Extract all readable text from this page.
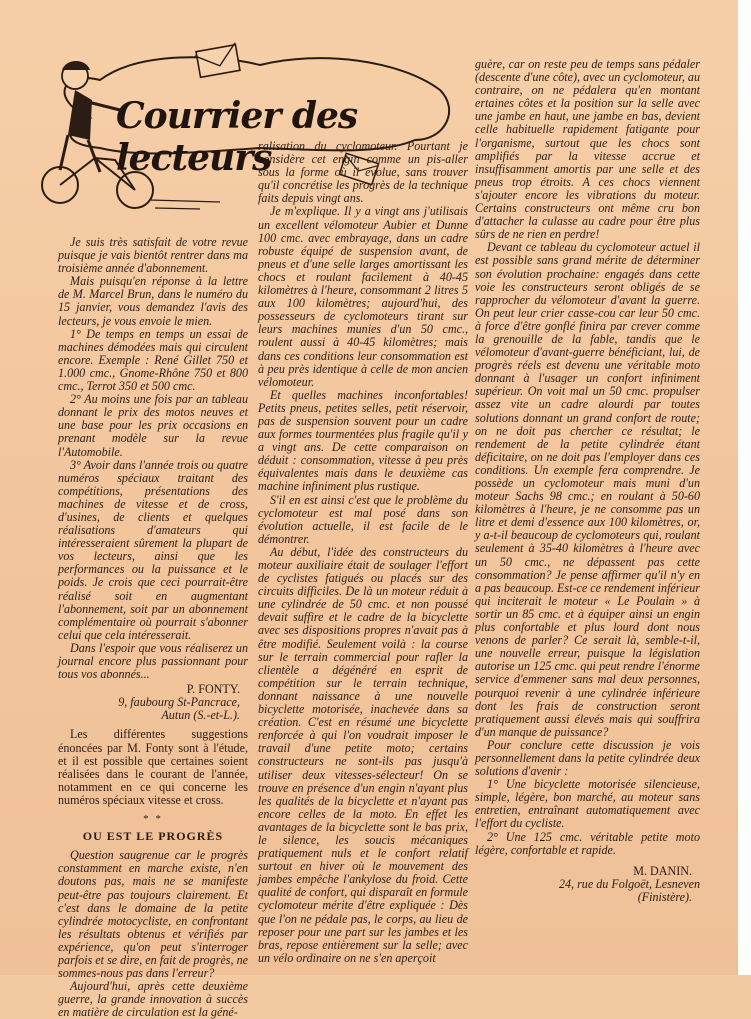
Courrier des lecteurs

Je suis très satisfait de votre revue puisque je vais bientôt rentrer dans ma troisième année d'abonnement.

Mais puisqu'en réponse à la lettre de M. Marcel Brun, dans le numéro du 15 janvier, vous demandez l'avis des lecteurs, je vous envoie le mien.

1° De temps en temps un essai de machines démodées mais qui circulent encore. Exemple : René Gillet 750 et 1.000 cmc., Gnome-Rhône 750 et 800 cmc., Terrot 350 et 500 cmc.

2° Au moins une fois par an tableau donnant le prix des motos neuves et une base pour les prix occasions en prenant modèle sur la revue l'Automobile.

3° Avoir dans l'année trois ou quatre numéros spéciaux traitant des compétitions, présentations des machines de vitesse et de cross, d'usines, de clients et quelques réalisations d'amateurs qui intéresseraient sûrement la plupart de vos lecteurs, ainsi que les performances ou la puissance et le poids. Je crois que ceci pourrait-être réalisé soit en augmentant l'abonnement, soit par un abonnement complémentaire où pourrait s'abonner celui que cela intéresserait.

Dans l'espoir que vous réaliserez un journal encore plus passionnant pour tous vos abonnés...

P. FONTY.
9, faubourg St-Pancrace,
Autun (S.-et-L.).

Les différentes suggestions énoncées par M. Fonty sont à l'étude, et il est possible que certaines soient réalisées dans le courant de l'année, notamment en ce qui concerne les numéros spéciaux vitesse et cross.

* *
OU EST LE PROGRÈS

Question saugrenue car le progrès constamment en marche existe, n'en doutons pas, mais ne se manifeste peut-être pas toujours clairement. Et c'est dans le domaine de la petite cylindrée motocycliste, en confrontant les résultats obtenus et vérifiés par expérience, qu'on peut s'interroger parfois et se dire, en fait de progrès, ne sommes-nous pas dans l'erreur?

Aujourd'hui, après cette deuxième guerre, la grande innovation à succès en matière de circulation est la géné-

ralisation du cyclomoteur. Pourtant je considère cet engin comme un pis-aller sous la forme où il évolue, sans trouver qu'il concrétise les progrès de la technique faits depuis vingt ans.

Je m'explique. Il y a vingt ans j'utilisais un excellent vélomoteur Aubier et Dunne 100 cmc. avec embrayage, dans un cadre robuste équipé de suspension avant, de pneus et d'une selle larges amortissant les chocs et roulant facilement à 40-45 kilomètres à l'heure, consommant 2 litres 5 aux 100 kilomètres; aujourd'hui, des possesseurs de cyclomoteurs tirant sur leurs machines munies d'un 50 cmc., roulent aussi à 40-45 kilomètres; mais dans ces conditions leur consommation est à peu près identique à celle de mon ancien vélomoteur.

Et quelles machines inconfortables! Petits pneus, petites selles, petit réservoir, pas de suspension souvent pour un cadre aux formes tourmentées plus fragile qu'il y a vingt ans. De cette comparaison on déduit : consommation, vitesse à peu près équivalentes mais dans le deuxième cas machine infiniment plus rustique.

S'il en est ainsi c'est que le problème du cyclomoteur est mal posé dans son évolution actuelle, il est facile de le démontrer.

Au début, l'idée des constructeurs du moteur auxiliaire était de soulager l'effort de cyclistes fatigués ou placés sur des circuits difficiles. De là un moteur réduit à une cylindrée de 50 cmc. et non poussé devait suffire et le cadre de la bicyclette avec ses dispositions propres n'avait pas à être modifié. Seulement voilà : la course sur le terrain commercial pour rafler la clientèle a dégénéré en esprit de compétition sur le terrain technique, donnant naissance à une nouvelle bicyclette motorisée, inachevée dans sa création. C'est en résumé une bicyclette renforcée à qui l'on voudrait imposer le travail d'une petite moto; certains constructeurs ne sont-ils pas jusqu'à utiliser deux vitesses-sélecteur! On se trouve en présence d'un engin n'ayant plus les qualités de la bicyclette et n'ayant pas encore celles de la moto. En effet les avantages de la bicyclette sont le bas prix, le silence, les soucis mécaniques pratiquement nuls et le confort relatif surtout en hiver où le mouvement des jambes empêche l'ankylose du froid. Cette qualité de confort, qui disparaît en formule cyclomoteur mérite d'être expliquée : Dès que l'on ne pédale pas, le corps, au lieu de reposer pour une part sur les jambes et les bras, repose entièrement sur la selle; avec un vélo ordinaire on ne s'en aperçoit

guère, car on reste peu de temps sans pédaler (descente d'une côte), avec un cyclomoteur, au contraire, on ne pédalera qu'en montant ertaines côtes et la position sur la selle avec une jambe en haut, une jambe en bas, devient celle habituelle rapidement fatigante pour l'organisme, surtout que les chocs sont amplifiés par la vitesse accrue et insuffisamment amortis par une selle et des pneus trop étroits. A ces chocs viennent s'ajouter encore les vibrations du moteur. Certains constructeurs ont même cru bon d'attacher la culasse au cadre pour être plus sûrs de ne rien en perdre!

Devant ce tableau du cyclomoteur actuel il est possible sans grand mérite de déterminer son évolution prochaine: engagés dans cette voie les constructeurs seront obligés de se rapprocher du vélomoteur d'avant la guerre. On peut leur crier casse-cou car leur 50 cmc. à force d'être gonflé finira par crever comme la grenouille de la fable, tandis que le vélomoteur d'avant-guerre bénéficiant, lui, de progrès réels est devenu une véritable moto donnant à l'usager un confort infiniment supérieur. On voit mal un 50 cmc. propulser assez vite un cadre alourdi par toutes solutions donnant un grand confort de route; on ne doit pas chercher ce résultat; le rendement de la petite cylindrée étant déficitaire, on ne doit pas l'employer dans ces conditions. Un exemple fera comprendre. Je possède un cyclomoteur mais muni d'un moteur Sachs 98 cmc.; en roulant à 50-60 kilomètres à l'heure, je ne consomme pas un litre et demi d'essence aux 100 kilomètres, or, y a-t-il beaucoup de cyclomoteurs qui, roulant seulement à 35-40 kilomètres à l'heure avec un 50 cmc., ne dépassent pas cette consommation? Je pense affirmer qu'il n'y en a pas beaucoup. Est-ce ce rendement inférieur qui inciterait le moteur « Le Poulain » à sortir un 85 cmc. et à équiper ainsi un engin plus confortable et plus lourd dont nous venons de parler? Ce serait là, semble-t-il, une nouvelle erreur, puisque la législation autorise un 125 cmc. qui peut rendre l'énorme service d'emmener sans mal deux personnes, pourquoi revenir à une cylindrée inférieure dont les frais de construction seront pratiquement aussi élevés mais qui souffrira d'un manque de puissance?

Pour conclure cette discussion je vois personnellement dans la petite cylindrée deux solutions d'avenir :

1° Une bicyclette motorisée silencieuse, simple, légère, bon marché, au moteur sans entretien, entraînant automatiquement avec l'effort du cycliste.

2° Une 125 cmc. véritable petite moto légère, confortable et rapide.

M. DANIN.
24, rue du Folgoët, Lesneven
(Finistère).
